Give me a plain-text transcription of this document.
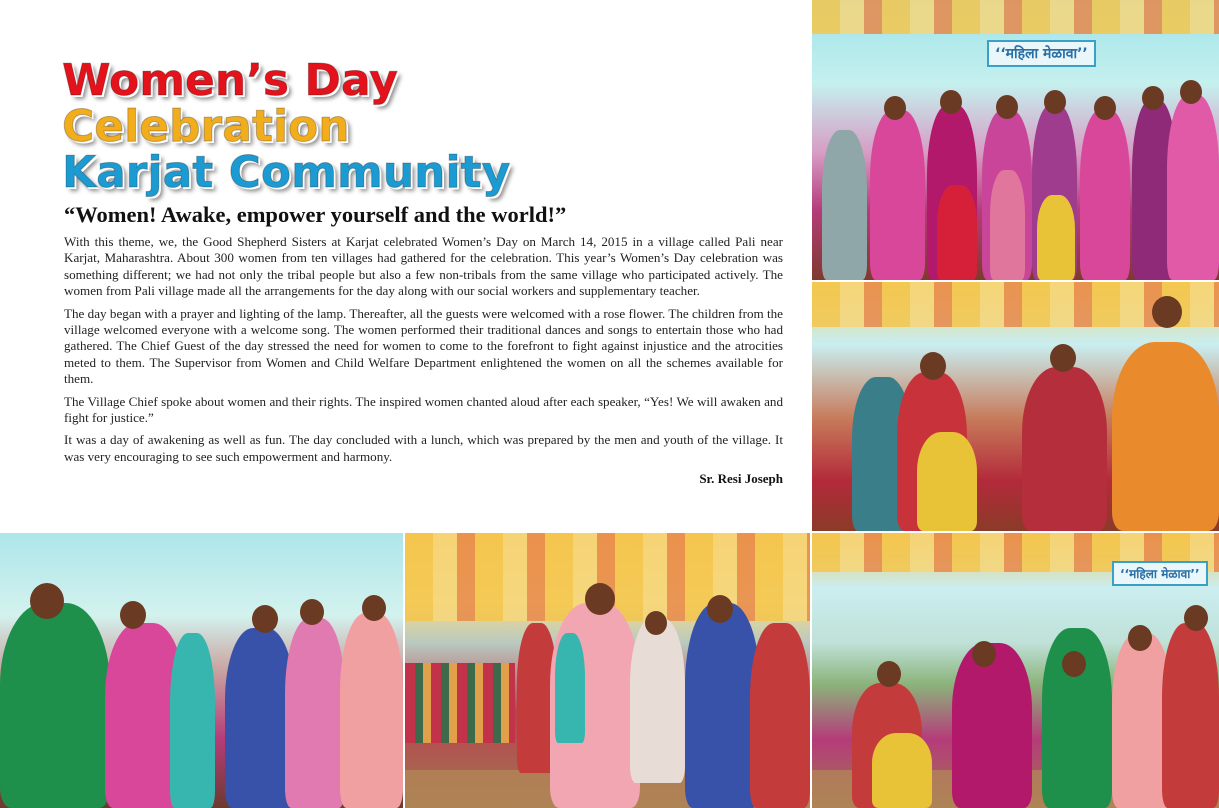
Women’s Day
Celebration
Karjat Community
“Women! Awake, empower yourself and the world!”

With this theme, we, the Good Shepherd Sisters at Karjat celebrated Women’s Day on March 14, 2015 in a village called Pali near Karjat, Maharashtra. About 300 women from ten villages had gathered for the celebration. This year’s Women’s Day celebration was something different; we had not only the tribal people but also a few non-tribals from the same village who participated actively. The women from Pali village made all the arrangements for the day along with our social workers and supplementary teacher.

The day began with a prayer and lighting of the lamp. Thereafter, all the guests were welcomed with a rose flower. The children from the village welcomed everyone with a welcome song. The women performed their traditional dances and songs to entertain those who had gathered. The Chief Guest of the day stressed the need for women to come to the forefront to fight against injustice and the atrocities meted to them. The Supervisor from Women and Child Welfare Department enlightened the women on all the schemes available for them.

The Village Chief spoke about women and their rights. The inspired women chanted aloud after each speaker, “Yes! We will awaken and fight for justice.”

It was a day of awakening as well as fun. The day concluded with a lunch, which was prepared by the men and youth of the village. It was very encouraging to see such empowerment and harmony.

Sr. Resi Joseph
‘‘महिला मेळावा’’
‘‘महिला मेळावा’’
